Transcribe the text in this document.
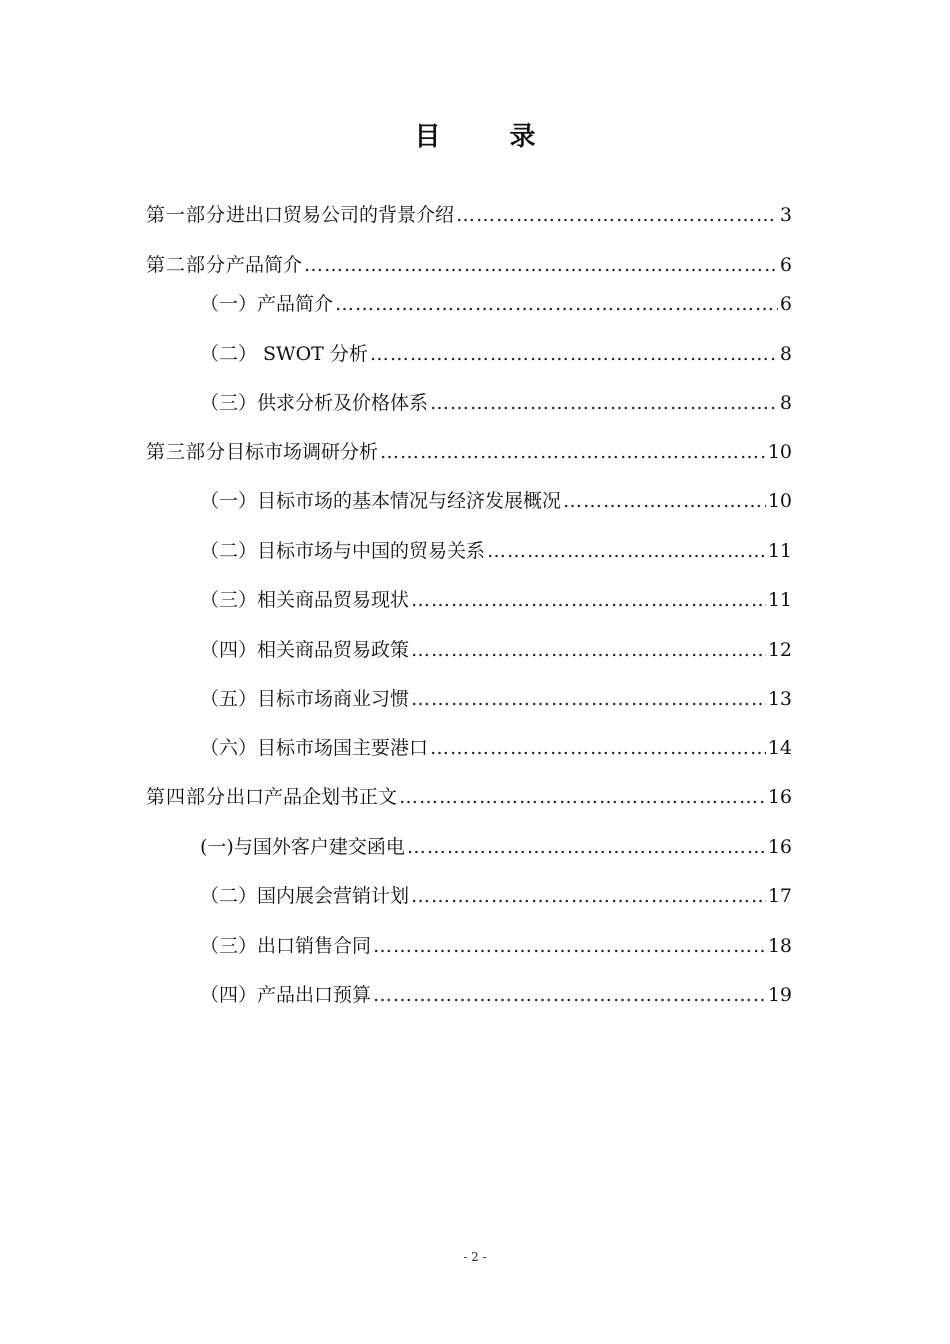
目 录
第一部分 进出口贸易公司的背景介绍 ………………………………………………………………………………………………………………………………………………	3
第二部分 产品简介 ………………………………………………………………………………………………………………………………………………	6
（一）产品简介 ………………………………………………………………………………………………………………………………………………	6
（二） SWOT 分析 ………………………………………………………………………………………………………………………………………………	8
（三）供求分析及价格体系 ………………………………………………………………………………………………………………………………………………	8
第三部分 目标市场调研分析 ………………………………………………………………………………………………………………………………………………	10
（一）目标市场的基本情况与经济发展概况 ………………………………………………………………………………………………………………………………………………	10
（二）目标市场与中国的贸易关系 ………………………………………………………………………………………………………………………………………………	11
（三）相关商品贸易现状 ………………………………………………………………………………………………………………………………………………	11
（四）相关商品贸易政策 ………………………………………………………………………………………………………………………………………………	12
（五）目标市场商业习惯 ………………………………………………………………………………………………………………………………………………	13
（六）目标市场国主要港口 ………………………………………………………………………………………………………………………………………………	14
第四部分 出口产品企划书正文 ………………………………………………………………………………………………………………………………………………	16
(一)与国外客户建交函电 ………………………………………………………………………………………………………………………………………………	16
（二）国内展会营销计划 ………………………………………………………………………………………………………………………………………………	17
（三）出口销售合同 ………………………………………………………………………………………………………………………………………………	18
（四）产品出口预算 ………………………………………………………………………………………………………………………………………………	19
- 2 -
